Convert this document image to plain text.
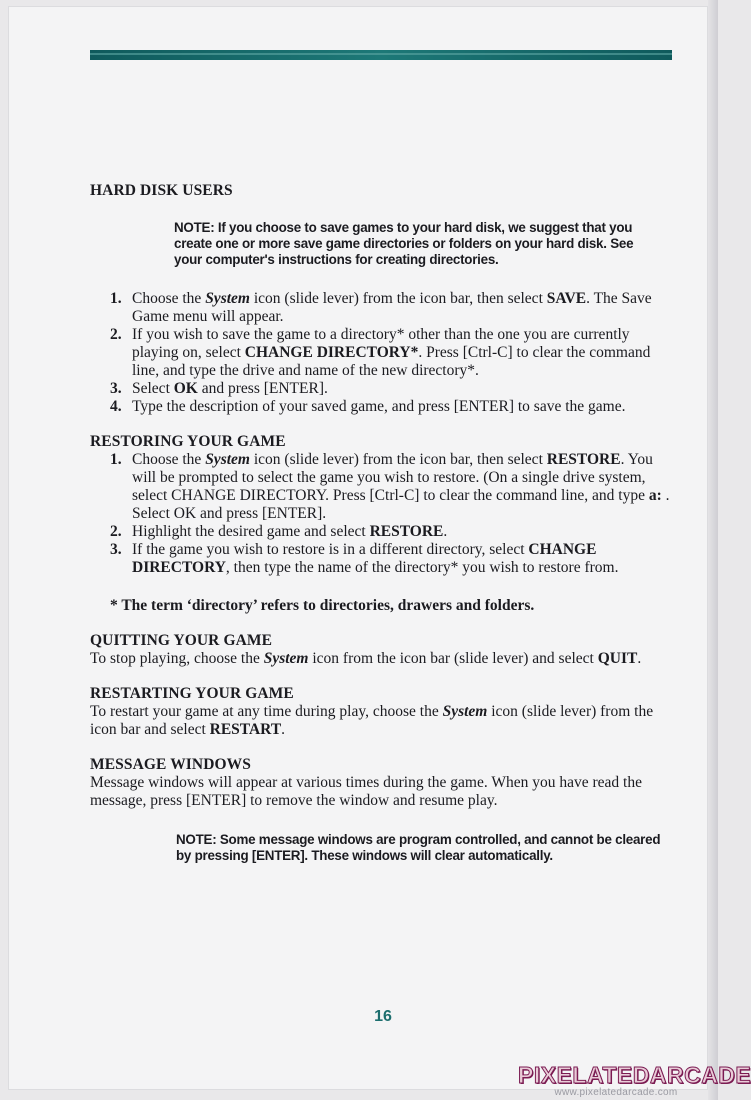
HARD DISK USERS

NOTE: If you choose to save games to your hard disk, we suggest that you create one or more save game directories or folders on your hard disk. See your computer's instructions for creating directories.

1. Choose the System icon (slide lever) from the icon bar, then select SAVE. The Save Game menu will appear.
2. If you wish to save the game to a directory* other than the one you are currently playing on, select CHANGE DIRECTORY*. Press [Ctrl-C] to clear the command line, and type the drive and name of the new directory*.
3. Select OK and press [ENTER].
4. Type the description of your saved game, and press [ENTER] to save the game.
RESTORING YOUR GAME
1. Choose the System icon (slide lever) from the icon bar, then select RESTORE. You will be prompted to select the game you wish to restore. (On a single drive system, select CHANGE DIRECTORY. Press [Ctrl-C] to clear the command line, and type a: . Select OK and press [ENTER].
2. Highlight the desired game and select RESTORE.
3. If the game you wish to restore is in a different directory, select CHANGE DIRECTORY, then type the name of the directory* you wish to restore from.

* The term ‘directory’ refers to directories, drawers and folders.

QUITTING YOUR GAME

To stop playing, choose the System icon from the icon bar (slide lever) and select QUIT.

RESTARTING YOUR GAME

To restart your game at any time during play, choose the System icon (slide lever) from the icon bar and select RESTART.

MESSAGE WINDOWS

Message windows will appear at various times during the game. When you have read the message, press [ENTER] to remove the window and resume play.

NOTE: Some message windows are program controlled, and cannot be cleared by pressing [ENTER]. These windows will clear automatically.

16
PIXELATEDARCADE
www.pixelatedarcade.com
